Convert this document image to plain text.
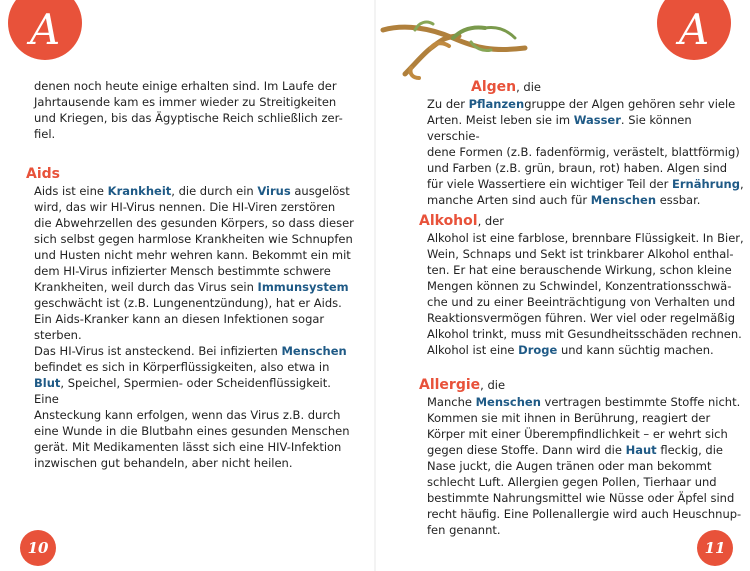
A
denen noch heute einige erhalten sind. Im Laufe der
Jahrtausende kam es immer wieder zu Streitigkeiten
und Kriegen, bis das Ägyptische Reich schließlich zer-
fiel.

Aids

Aids ist eine Krankheit, die durch ein Virus ausgelöst
wird, das wir HI-Virus nennen. Die HI-Viren zerstören
die Abwehrzellen des gesunden Körpers, so dass dieser
sich selbst gegen harmlose Krankheiten wie Schnupfen
und Husten nicht mehr wehren kann. Bekommt ein mit
dem HI-Virus infizierter Mensch bestimmte schwere
Krankheiten, weil durch das Virus sein Immunsystem
geschwächt ist (z.B. Lungenentzündung), hat er Aids.
Ein Aids-Kranker kann an diesen Infektionen sogar
sterben.
Das HI-Virus ist ansteckend. Bei infizierten Menschen
befindet es sich in Körperflüssigkeiten, also etwa in
Blut, Speichel, Spermien- oder Scheidenflüssigkeit. Eine
Ansteckung kann erfolgen, wenn das Virus z.B. durch
eine Wunde in die Blutbahn eines gesunden Menschen
gerät. Mit Medikamenten lässt sich eine HIV-Infektion
inzwischen gut behandeln, aber nicht heilen.
10
A

Algen, die

Zu der Pflanzengruppe der Algen gehören sehr viele
Arten. Meist leben sie im Wasser. Sie können verschie-
dene Formen (z.B. fadenförmig, verästelt, blattförmig)
und Farben (z.B. grün, braun, rot) haben. Algen sind
für viele Wassertiere ein wichtiger Teil der Ernährung,
manche Arten sind auch für Menschen essbar.

Alkohol, der

Alkohol ist eine farblose, brennbare Flüssigkeit. In Bier,
Wein, Schnaps und Sekt ist trinkbarer Alkohol enthal-
ten. Er hat eine berauschende Wirkung, schon kleine
Mengen können zu Schwindel, Konzentrationsschwä-
che und zu einer Beeinträchtigung von Verhalten und
Reaktionsvermögen führen. Wer viel oder regelmäßig
Alkohol trinkt, muss mit Gesundheitsschäden rechnen.
Alkohol ist eine Droge und kann süchtig machen.

Allergie, die

Manche Menschen vertragen bestimmte Stoffe nicht.
Kommen sie mit ihnen in Berührung, reagiert der
Körper mit einer Überempfindlichkeit – er wehrt sich
gegen diese Stoffe. Dann wird die Haut fleckig, die
Nase juckt, die Augen tränen oder man bekommt
schlecht Luft. Allergien gegen Pollen, Tierhaar und
bestimmte Nahrungsmittel wie Nüsse oder Äpfel sind
recht häufig. Eine Pollenallergie wird auch Heuschnup-
fen genannt.
11
